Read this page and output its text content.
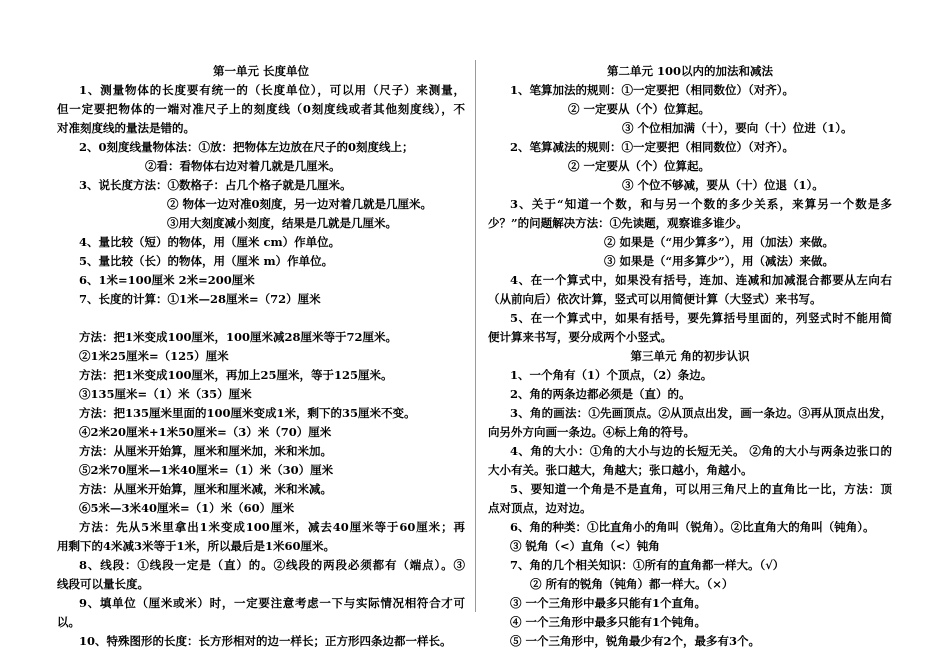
第一单元 长度单位
1、测量物体的长度要有统一的（长度单位），可以用（尺子）来测量，
但一定要把物体的一端对准尺子上的刻度线（0刻度线或者其他刻度线），不
对准刻度线的量法是错的。
2、0刻度线量物体法：①放：把物体左边放在尺子的0刻度线上；
②看：看物体右边对着几就是几厘米。
3、说长度方法：①数格子：占几个格子就是几厘米。
② 物体一边对准0刻度，另一边对着几就是几厘米。
③用大刻度减小刻度，结果是几就是几厘米。
4、量比较（短）的物体，用（厘米 cm）作单位。
5、量比较（长）的物体，用（厘米 m）作单位。
6、1米=100厘米 2米=200厘米
7、长度的计算：①1米—28厘米=（72）厘米
方法：把1米变成100厘米，100厘米减28厘米等于72厘米。
②1米25厘米=（125）厘米
方法：把1米变成100厘米，再加上25厘米，等于125厘米。
③135厘米=（1）米（35）厘米
方法：把135厘米里面的100厘米变成1米，剩下的35厘米不变。
④2米20厘米+1米50厘米=（3）米（70）厘米
方法：从厘米开始算，厘米和厘米加，米和米加。
⑤2米70厘米—1米40厘米=（1）米（30）厘米
方法：从厘米开始算，厘米和厘米减，米和米减。
⑥5米—3米40厘米=（1）米（60）厘米
方法：先从5米里拿出1米变成100厘米，减去40厘米等于60厘米；再
用剩下的4米减3米等于1米，所以最后是1米60厘米。
8、线段：①线段一定是（直）的。②线段的两段必须都有（端点）。③
线段可以量长度。
9、填单位（厘米或米）时，一定要注意考虑一下与实际情况相符合才可
以。
10、特殊图形的长度：长方形相对的边一样长；正方形四条边都一样长。
第二单元 100以内的加法和减法
1、笔算加法的规则：①一定要把（相同数位）（对齐）。
② 一定要从（个）位算起。
③ 个位相加满（十），要向（十）位进（1）。
2、笔算减法的规则：①一定要把（相同数位）（对齐）。
② 一定要从（个）位算起。
③ 个位不够减，要从（十）位退（1）。
3、关于“知道一个数，和与另一个数的多少关系，来算另一个数是多
少？”的问题解决方法：①先读题，观察谁多谁少。
② 如果是（“用少算多”），用（加法）来做。
③ 如果是（“用多算少”），用（减法）来做。
4、在一个算式中，如果没有括号，连加、连减和加减混合都要从左向右
（从前向后）依次计算，竖式可以用简便计算（大竖式）来书写。
5、在一个算式中，如果有括号，要先算括号里面的，列竖式时不能用简
便计算来书写，要分成两个小竖式。
第三单元 角的初步认识
1、一个角有（1）个顶点，（2）条边。
2、角的两条边都必须是（直）的。
3、角的画法：①先画顶点。②从顶点出发，画一条边。③再从顶点出发，
向另外方向画一条边。④标上角的符号。
4、角的大小：①角的大小与边的长短无关。 ②角的大小与两条边张口的
大小有关。张口越大，角越大；张口越小，角越小。
5、要知道一个角是不是直角，可以用三角尺上的直角比一比，方法：顶
点对顶点，边对边。
6、角的种类：①比直角小的角叫（锐角）。②比直角大的角叫（钝角）。
③ 锐角（<）直角（<）钝角
7、角的几个相关知识：①所有的直角都一样大。（√）
② 所有的锐角（钝角）都一样大。（×）
③ 一个三角形中最多只能有1个直角。
④ 一个三角形中最多只能有1个钝角。
⑤ 一个三角形中，锐角最少有2个，最多有3个。
